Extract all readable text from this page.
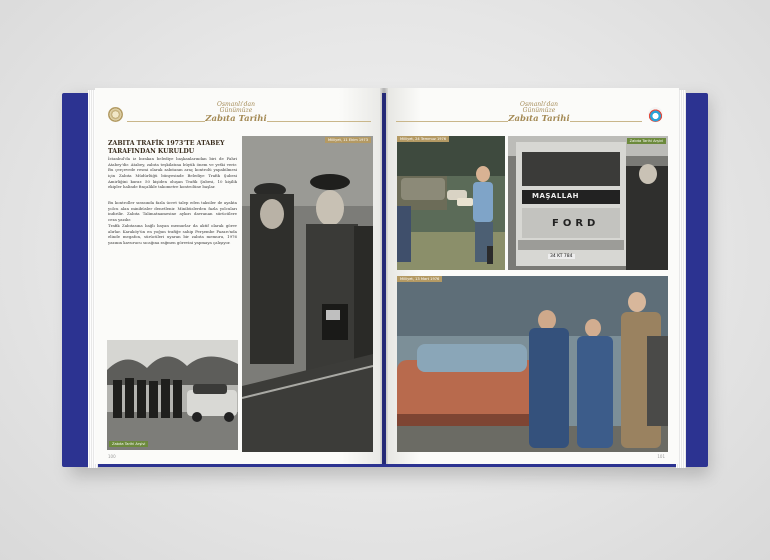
Osmanlı'dan Günümüze
Zabıta Tarihi
ZABITA TRAFİK 1973'TE ATABEY TARAFINDAN KURULDU
İstanbul'da iz bırakan belediye başkanlarından biri de Fahri Atabey'dir. Atabey, zabıta teşkilatına büyük önem ve yetki verir. Bu çerçevede resmi olarak zabıtanın araç kontrolü yapabilmesi için Zabıta Müdürlüğü bünyesinde Belediye Trafik Şubesi Amirliğini kurar. 50 kişiden oluşan Trafik Şubesi, 10 kişilik ekipler halinde finçalikle takometre kontrolüne başlar.
Bu kontroller sırasında fazla ücret talep eden taksiler de ayakta yolcu alan minibüsler denetlenir. Minibüslerden fazla yolcuları indirilir. Zabıta Talimatnamesine aykırı davranan sürücülere ceza yazılır.
Trafik Zabıtasına bağlı bayan memurlar da aktif olarak görev alırlar. Karaköy'ün en yoğun trafiğe sahip Perşembe Pazarı'nda elinde megafon, sürücüleri uyaran bir zabıta memuru, 1976 yazının kavurucu sıcağına rağmen görevini yapmaya çalışıyor.
Milliyet, 11 Ekim 1973
Zabıta Tarihi Arşivi
100
Osmanlı'dan Günümüze
Zabıta Tarihi
Milliyet, 24 Temmuz 1976
MAŞALLAH
FORD
34 KT 784
Zabıta Tarihi Arşivi
Milliyet, 13 Mart 1976
101
